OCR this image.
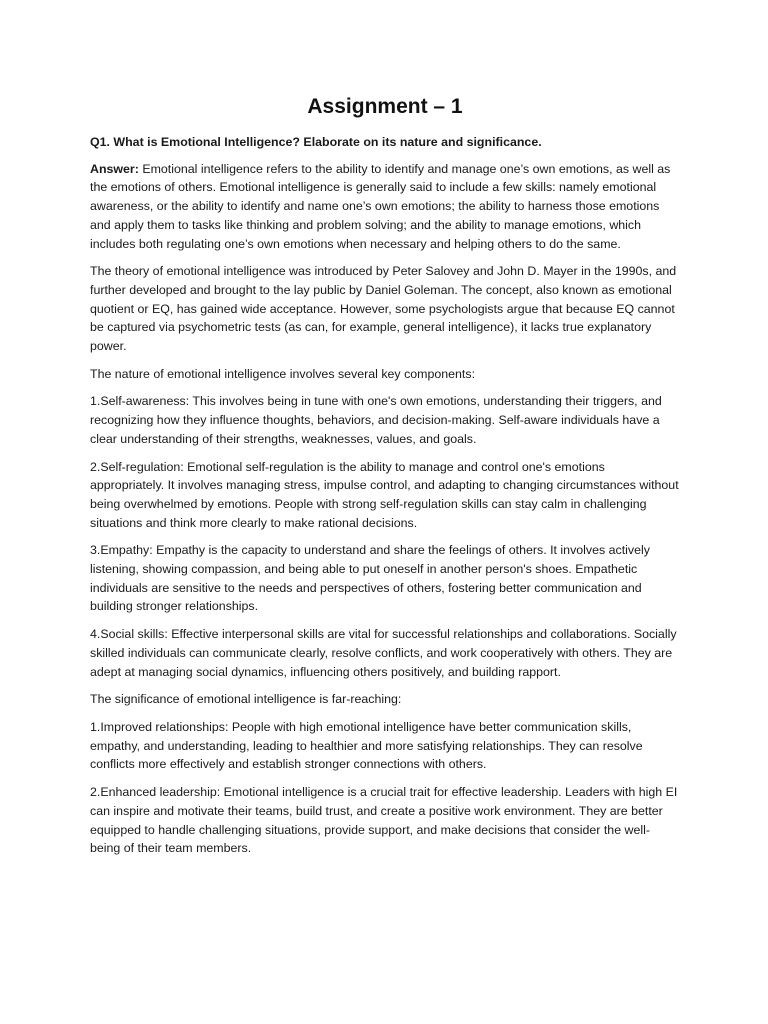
Assignment – 1
Q1. What is Emotional Intelligence? Elaborate on its nature and significance.
Answer: Emotional intelligence refers to the ability to identify and manage one’s own emotions, as well as the emotions of others. Emotional intelligence is generally said to include a few skills: namely emotional awareness, or the ability to identify and name one’s own emotions; the ability to harness those emotions and apply them to tasks like thinking and problem solving; and the ability to manage emotions, which includes both regulating one’s own emotions when necessary and helping others to do the same.
The theory of emotional intelligence was introduced by Peter Salovey and John D. Mayer in the 1990s, and further developed and brought to the lay public by Daniel Goleman. The concept, also known as emotional quotient or EQ, has gained wide acceptance. However, some psychologists argue that because EQ cannot be captured via psychometric tests (as can, for example, general intelligence), it lacks true explanatory power.
The nature of emotional intelligence involves several key components:
1.Self-awareness: This involves being in tune with one's own emotions, understanding their triggers, and recognizing how they influence thoughts, behaviors, and decision-making. Self-aware individuals have a clear understanding of their strengths, weaknesses, values, and goals.
2.Self-regulation: Emotional self-regulation is the ability to manage and control one's emotions appropriately. It involves managing stress, impulse control, and adapting to changing circumstances without being overwhelmed by emotions. People with strong self-regulation skills can stay calm in challenging situations and think more clearly to make rational decisions.
3.Empathy: Empathy is the capacity to understand and share the feelings of others. It involves actively listening, showing compassion, and being able to put oneself in another person's shoes. Empathetic individuals are sensitive to the needs and perspectives of others, fostering better communication and building stronger relationships.
4.Social skills: Effective interpersonal skills are vital for successful relationships and collaborations. Socially skilled individuals can communicate clearly, resolve conflicts, and work cooperatively with others. They are adept at managing social dynamics, influencing others positively, and building rapport.
The significance of emotional intelligence is far-reaching:
1.Improved relationships: People with high emotional intelligence have better communication skills, empathy, and understanding, leading to healthier and more satisfying relationships. They can resolve conflicts more effectively and establish stronger connections with others.
2.Enhanced leadership: Emotional intelligence is a crucial trait for effective leadership. Leaders with high EI can inspire and motivate their teams, build trust, and create a positive work environment. They are better equipped to handle challenging situations, provide support, and make decisions that consider the well-being of their team members.
